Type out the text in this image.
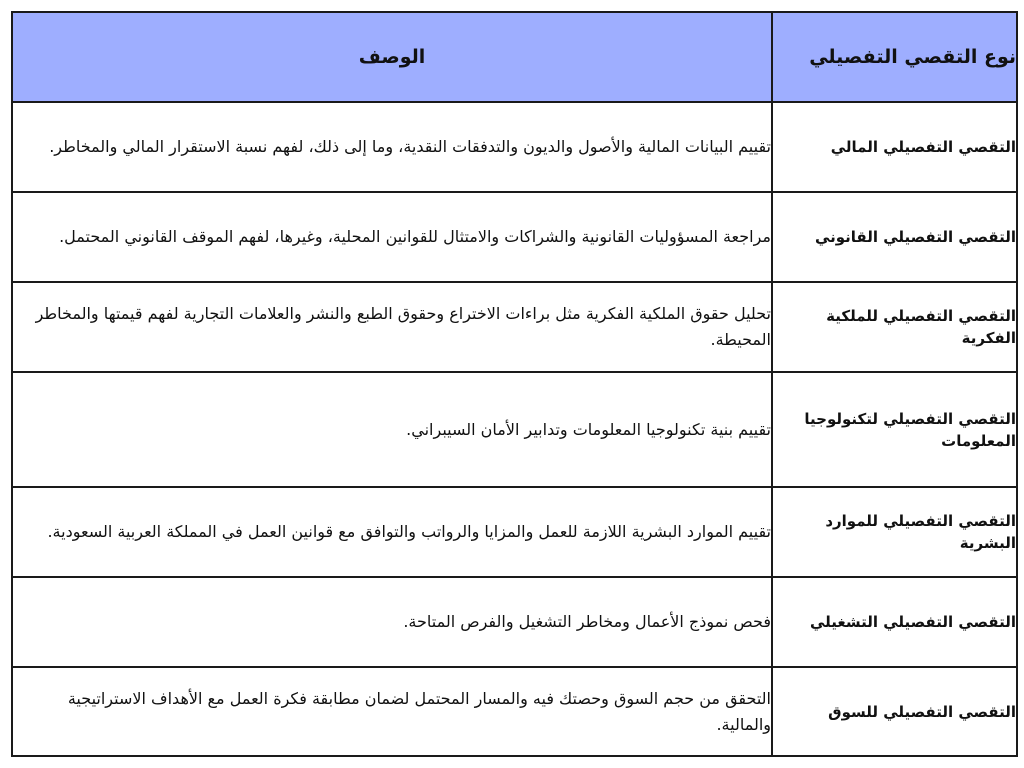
نوع التقصي التفصيلي	الوصف
التقصي التفصيلي المالي	تقييم البيانات المالية والأصول والديون والتدفقات النقدية، وما إلى ذلك، لفهم نسبة الاستقرار المالي والمخاطر.
التقصي التفصيلي القانوني	مراجعة المسؤوليات القانونية والشراكات والامتثال للقوانين المحلية، وغيرها، لفهم الموقف القانوني المحتمل.
التقصي التفصيلي للملكية الفكرية	تحليل حقوق الملكية الفكرية مثل براءات الاختراع وحقوق الطبع والنشر والعلامات التجارية لفهم قيمتها والمخاطر المحيطة.
التقصي التفصيلي لتكنولوجيا المعلومات	تقييم بنية تكنولوجيا المعلومات وتدابير الأمان السيبراني.
التقصي التفصيلي للموارد البشرية	تقييم الموارد البشرية اللازمة للعمل والمزايا والرواتب والتوافق مع قوانين العمل في المملكة العربية السعودية.
التقصي التفصيلي التشغيلي	فحص نموذج الأعمال ومخاطر التشغيل والفرص المتاحة.
التقصي التفصيلي للسوق	التحقق من حجم السوق وحصتك فيه والمسار المحتمل لضمان مطابقة فكرة العمل مع الأهداف الاستراتيجية والمالية.
